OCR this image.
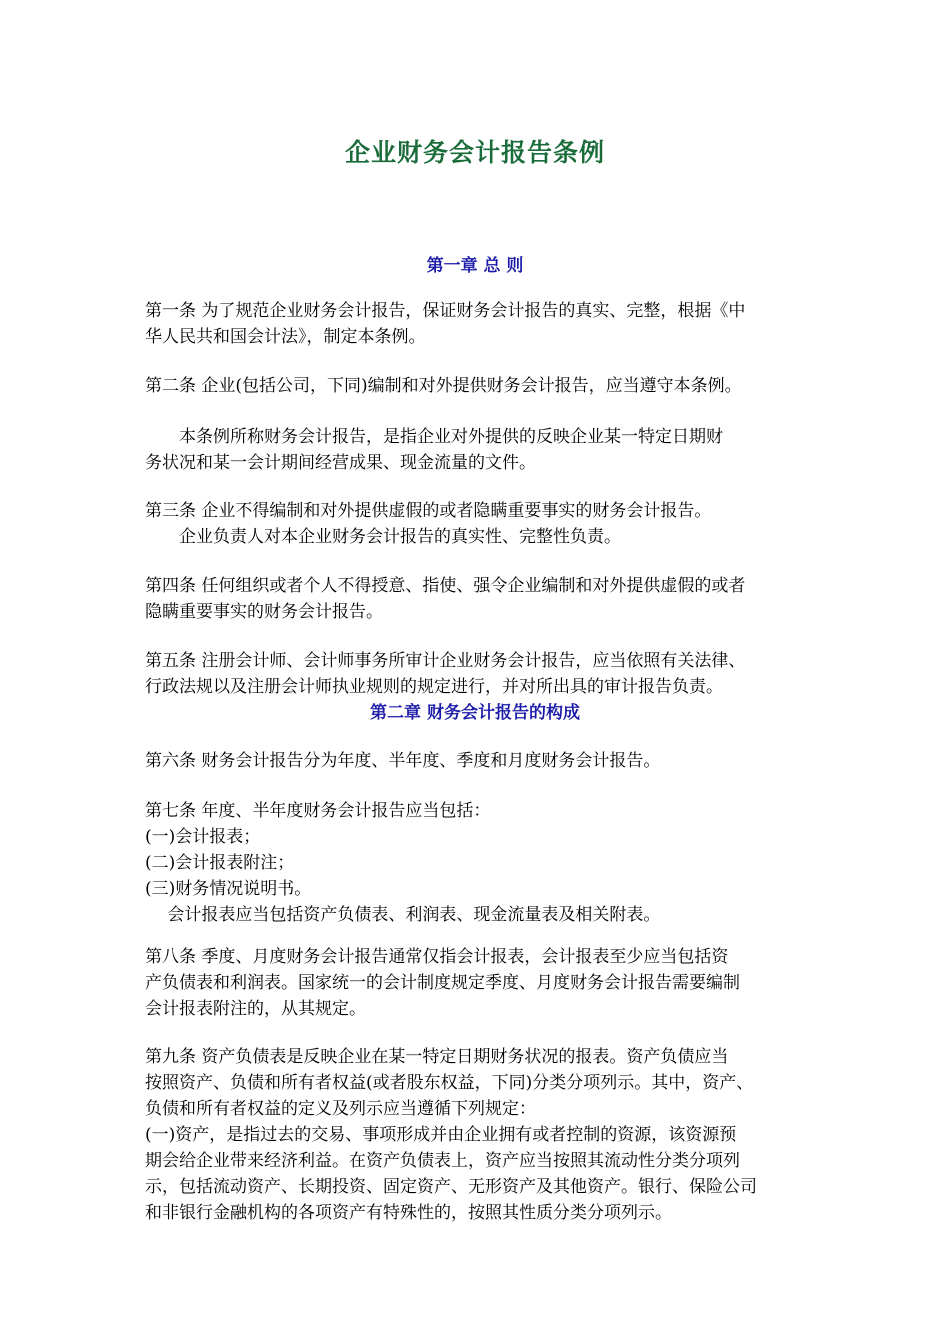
企业财务会计报告条例
第一章 总 则
第一条 为了规范企业财务会计报告，保证财务会计报告的真实、完整，根据《中
华人民共和国会计法》，制定本条例。
第二条 企业(包括公司，下同)编制和对外提供财务会计报告，应当遵守本条例。
　　本条例所称财务会计报告，是指企业对外提供的反映企业某一特定日期财
务状况和某一会计期间经营成果、现金流量的文件。
第三条 企业不得编制和对外提供虚假的或者隐瞒重要事实的财务会计报告。
　　企业负责人对本企业财务会计报告的真实性、完整性负责。
第四条 任何组织或者个人不得授意、指使、强令企业编制和对外提供虚假的或者
隐瞒重要事实的财务会计报告。
第五条 注册会计师、会计师事务所审计企业财务会计报告，应当依照有关法律、
行政法规以及注册会计师执业规则的规定进行，并对所出具的审计报告负责。
第二章 财务会计报告的构成
第六条 财务会计报告分为年度、半年度、季度和月度财务会计报告。
第七条 年度、半年度财务会计报告应当包括：
(一)会计报表；
(二)会计报表附注；
(三)财务情况说明书。
　 会计报表应当包括资产负债表、利润表、现金流量表及相关附表。
第八条 季度、月度财务会计报告通常仅指会计报表，会计报表至少应当包括资
产负债表和利润表。国家统一的会计制度规定季度、月度财务会计报告需要编制
会计报表附注的，从其规定。
第九条 资产负债表是反映企业在某一特定日期财务状况的报表。资产负债应当
按照资产、负债和所有者权益(或者股东权益，下同)分类分项列示。其中，资产、
负债和所有者权益的定义及列示应当遵循下列规定：
(一)资产，是指过去的交易、事项形成并由企业拥有或者控制的资源，该资源预
期会给企业带来经济利益。在资产负债表上，资产应当按照其流动性分类分项列
示，包括流动资产、长期投资、固定资产、无形资产及其他资产。银行、保险公司
和非银行金融机构的各项资产有特殊性的，按照其性质分类分项列示。
